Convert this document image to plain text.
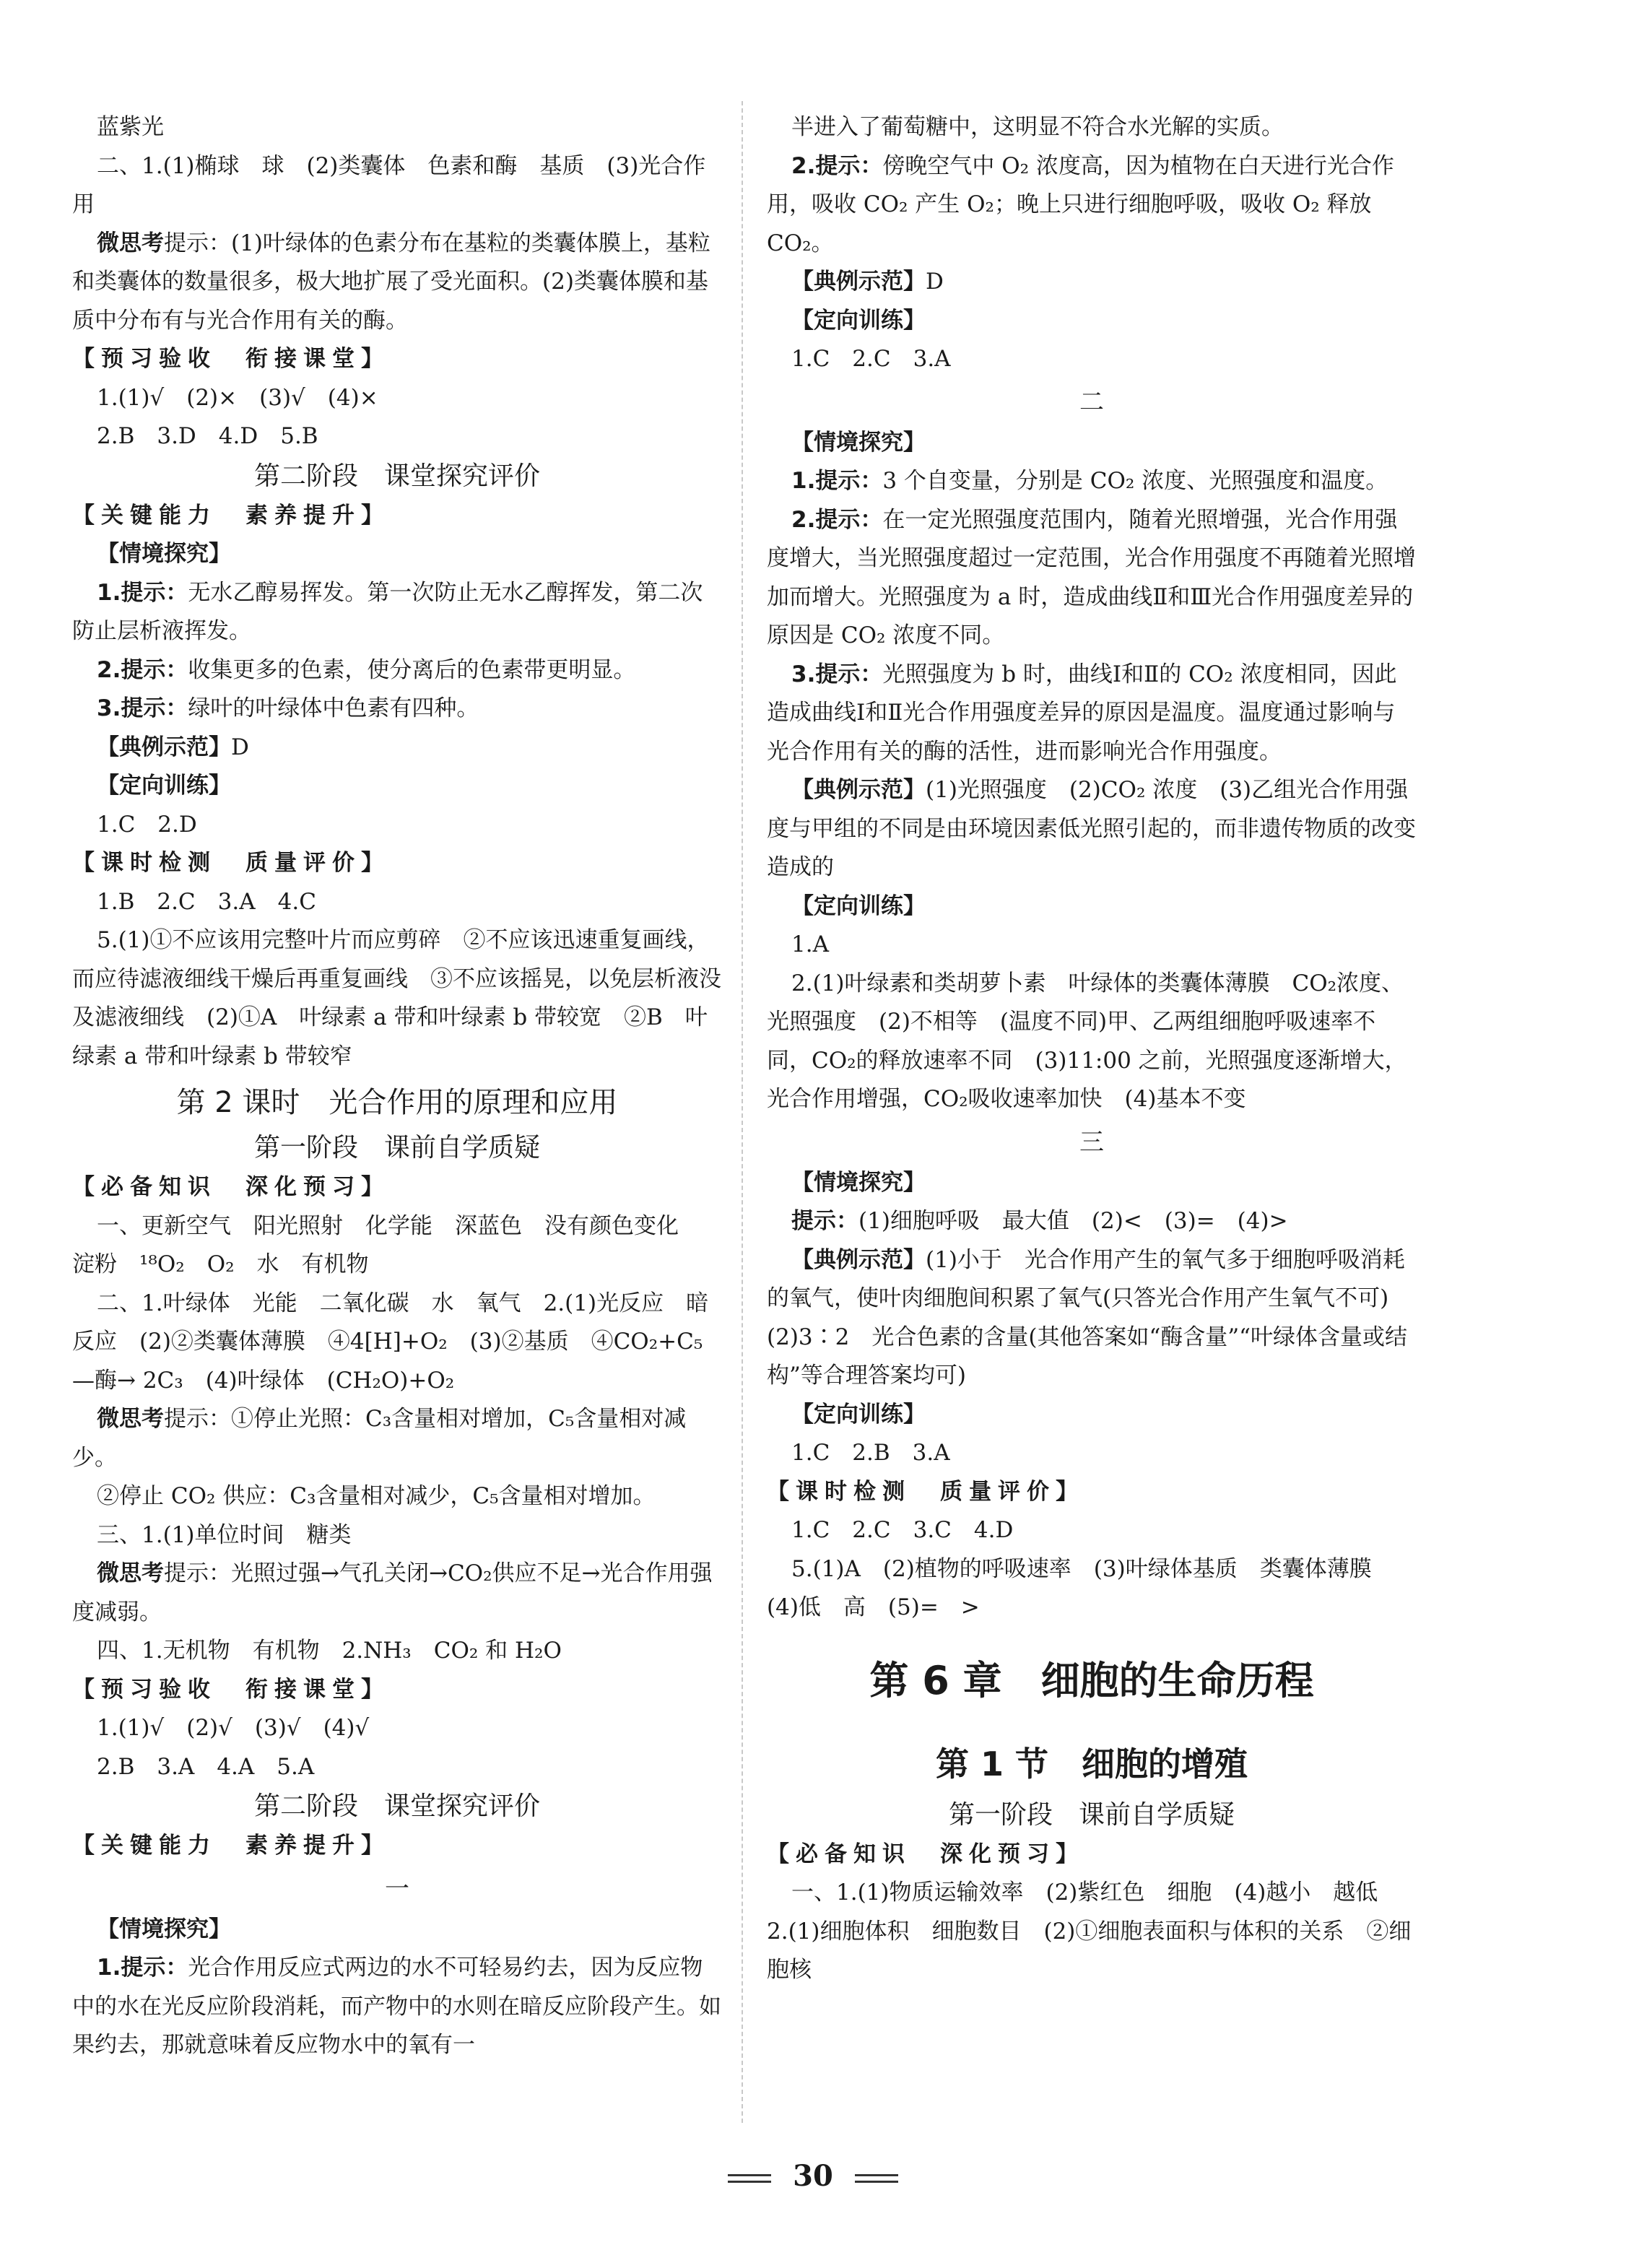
蓝紫光

二、1.(1)椭球　球　(2)类囊体　色素和酶　基质　(3)光合作用

微思考提示：(1)叶绿体的色素分布在基粒的类囊体膜上，基粒和类囊体的数量很多，极大地扩展了受光面积。(2)类囊体膜和基质中分布有与光合作用有关的酶。

【预习验收　衔接课堂】

1.(1)√　(2)×　(3)√　(4)×

2.B　3.D　4.D　5.B

第二阶段　课堂探究评价

【关键能力　素养提升】

【情境探究】

1.提示：无水乙醇易挥发。第一次防止无水乙醇挥发，第二次防止层析液挥发。

2.提示：收集更多的色素，使分离后的色素带更明显。

3.提示：绿叶的叶绿体中色素有四种。

【典例示范】D

【定向训练】

1.C　2.D

【课时检测　质量评价】

1.B　2.C　3.A　4.C

5.(1)①不应该用完整叶片而应剪碎　②不应该迅速重复画线，而应待滤液细线干燥后再重复画线　③不应该摇晃，以免层析液没及滤液细线　(2)①A　叶绿素 a 带和叶绿素 b 带较宽　②B　叶绿素 a 带和叶绿素 b 带较窄

第 2 课时　光合作用的原理和应用
第一阶段　课前自学质疑

【必备知识　深化预习】

一、更新空气　阳光照射　化学能　深蓝色　没有颜色变化　淀粉　¹⁸O₂　O₂　水　有机物

二、1.叶绿体　光能　二氧化碳　水　氧气　2.(1)光反应　暗反应　(2)②类囊体薄膜　④4[H]+O₂　(3)②基质　④CO₂+C₅ —酶→ 2C₃　(4)叶绿体　(CH₂O)+O₂

微思考提示：①停止光照：C₃含量相对增加，C₅含量相对减少。

②停止 CO₂ 供应：C₃含量相对减少，C₅含量相对增加。

三、1.(1)单位时间　糖类

微思考提示：光照过强→气孔关闭→CO₂供应不足→光合作用强度减弱。

四、1.无机物　有机物　2.NH₃　CO₂ 和 H₂O

【预习验收　衔接课堂】

1.(1)√　(2)√　(3)√　(4)√

2.B　3.A　4.A　5.A

第二阶段　课堂探究评价

【关键能力　素养提升】

一

【情境探究】

1.提示：光合作用反应式两边的水不可轻易约去，因为反应物中的水在光反应阶段消耗，而产物中的水则在暗反应阶段产生。如果约去，那就意味着反应物水中的氧有一

半进入了葡萄糖中，这明显不符合水光解的实质。

2.提示：傍晚空气中 O₂ 浓度高，因为植物在白天进行光合作用，吸收 CO₂ 产生 O₂；晚上只进行细胞呼吸，吸收 O₂ 释放 CO₂。

【典例示范】D

【定向训练】

1.C　2.C　3.A

二

【情境探究】

1.提示：3 个自变量，分别是 CO₂ 浓度、光照强度和温度。

2.提示：在一定光照强度范围内，随着光照增强，光合作用强度增大，当光照强度超过一定范围，光合作用强度不再随着光照增加而增大。光照强度为 a 时，造成曲线Ⅱ和Ⅲ光合作用强度差异的原因是 CO₂ 浓度不同。

3.提示：光照强度为 b 时，曲线Ⅰ和Ⅱ的 CO₂ 浓度相同，因此造成曲线Ⅰ和Ⅱ光合作用强度差异的原因是温度。温度通过影响与光合作用有关的酶的活性，进而影响光合作用强度。

【典例示范】(1)光照强度　(2)CO₂ 浓度　(3)乙组光合作用强度与甲组的不同是由环境因素低光照引起的，而非遗传物质的改变造成的

【定向训练】

1.A

2.(1)叶绿素和类胡萝卜素　叶绿体的类囊体薄膜　CO₂浓度、光照强度　(2)不相等　(温度不同)甲、乙两组细胞呼吸速率不同，CO₂的释放速率不同　(3)11:00 之前，光照强度逐渐增大，光合作用增强，CO₂吸收速率加快　(4)基本不变

三

【情境探究】

提示：(1)细胞呼吸　最大值　(2)<　(3)=　(4)>

【典例示范】(1)小于　光合作用产生的氧气多于细胞呼吸消耗的氧气，使叶肉细胞间积累了氧气(只答光合作用产生氧气不可)　(2)3∶2　光合色素的含量(其他答案如“酶含量”“叶绿体含量或结构”等合理答案均可)

【定向训练】

1.C　2.B　3.A

【课时检测　质量评价】

1.C　2.C　3.C　4.D

5.(1)A　(2)植物的呼吸速率　(3)叶绿体基质　类囊体薄膜　(4)低　高　(5)=　>

第 6 章　细胞的生命历程
第 1 节　细胞的增殖
第一阶段　课前自学质疑

【必备知识　深化预习】

一、1.(1)物质运输效率　(2)紫红色　细胞　(4)越小　越低　2.(1)细胞体积　细胞数目　(2)①细胞表面积与体积的关系　②细胞核

30
